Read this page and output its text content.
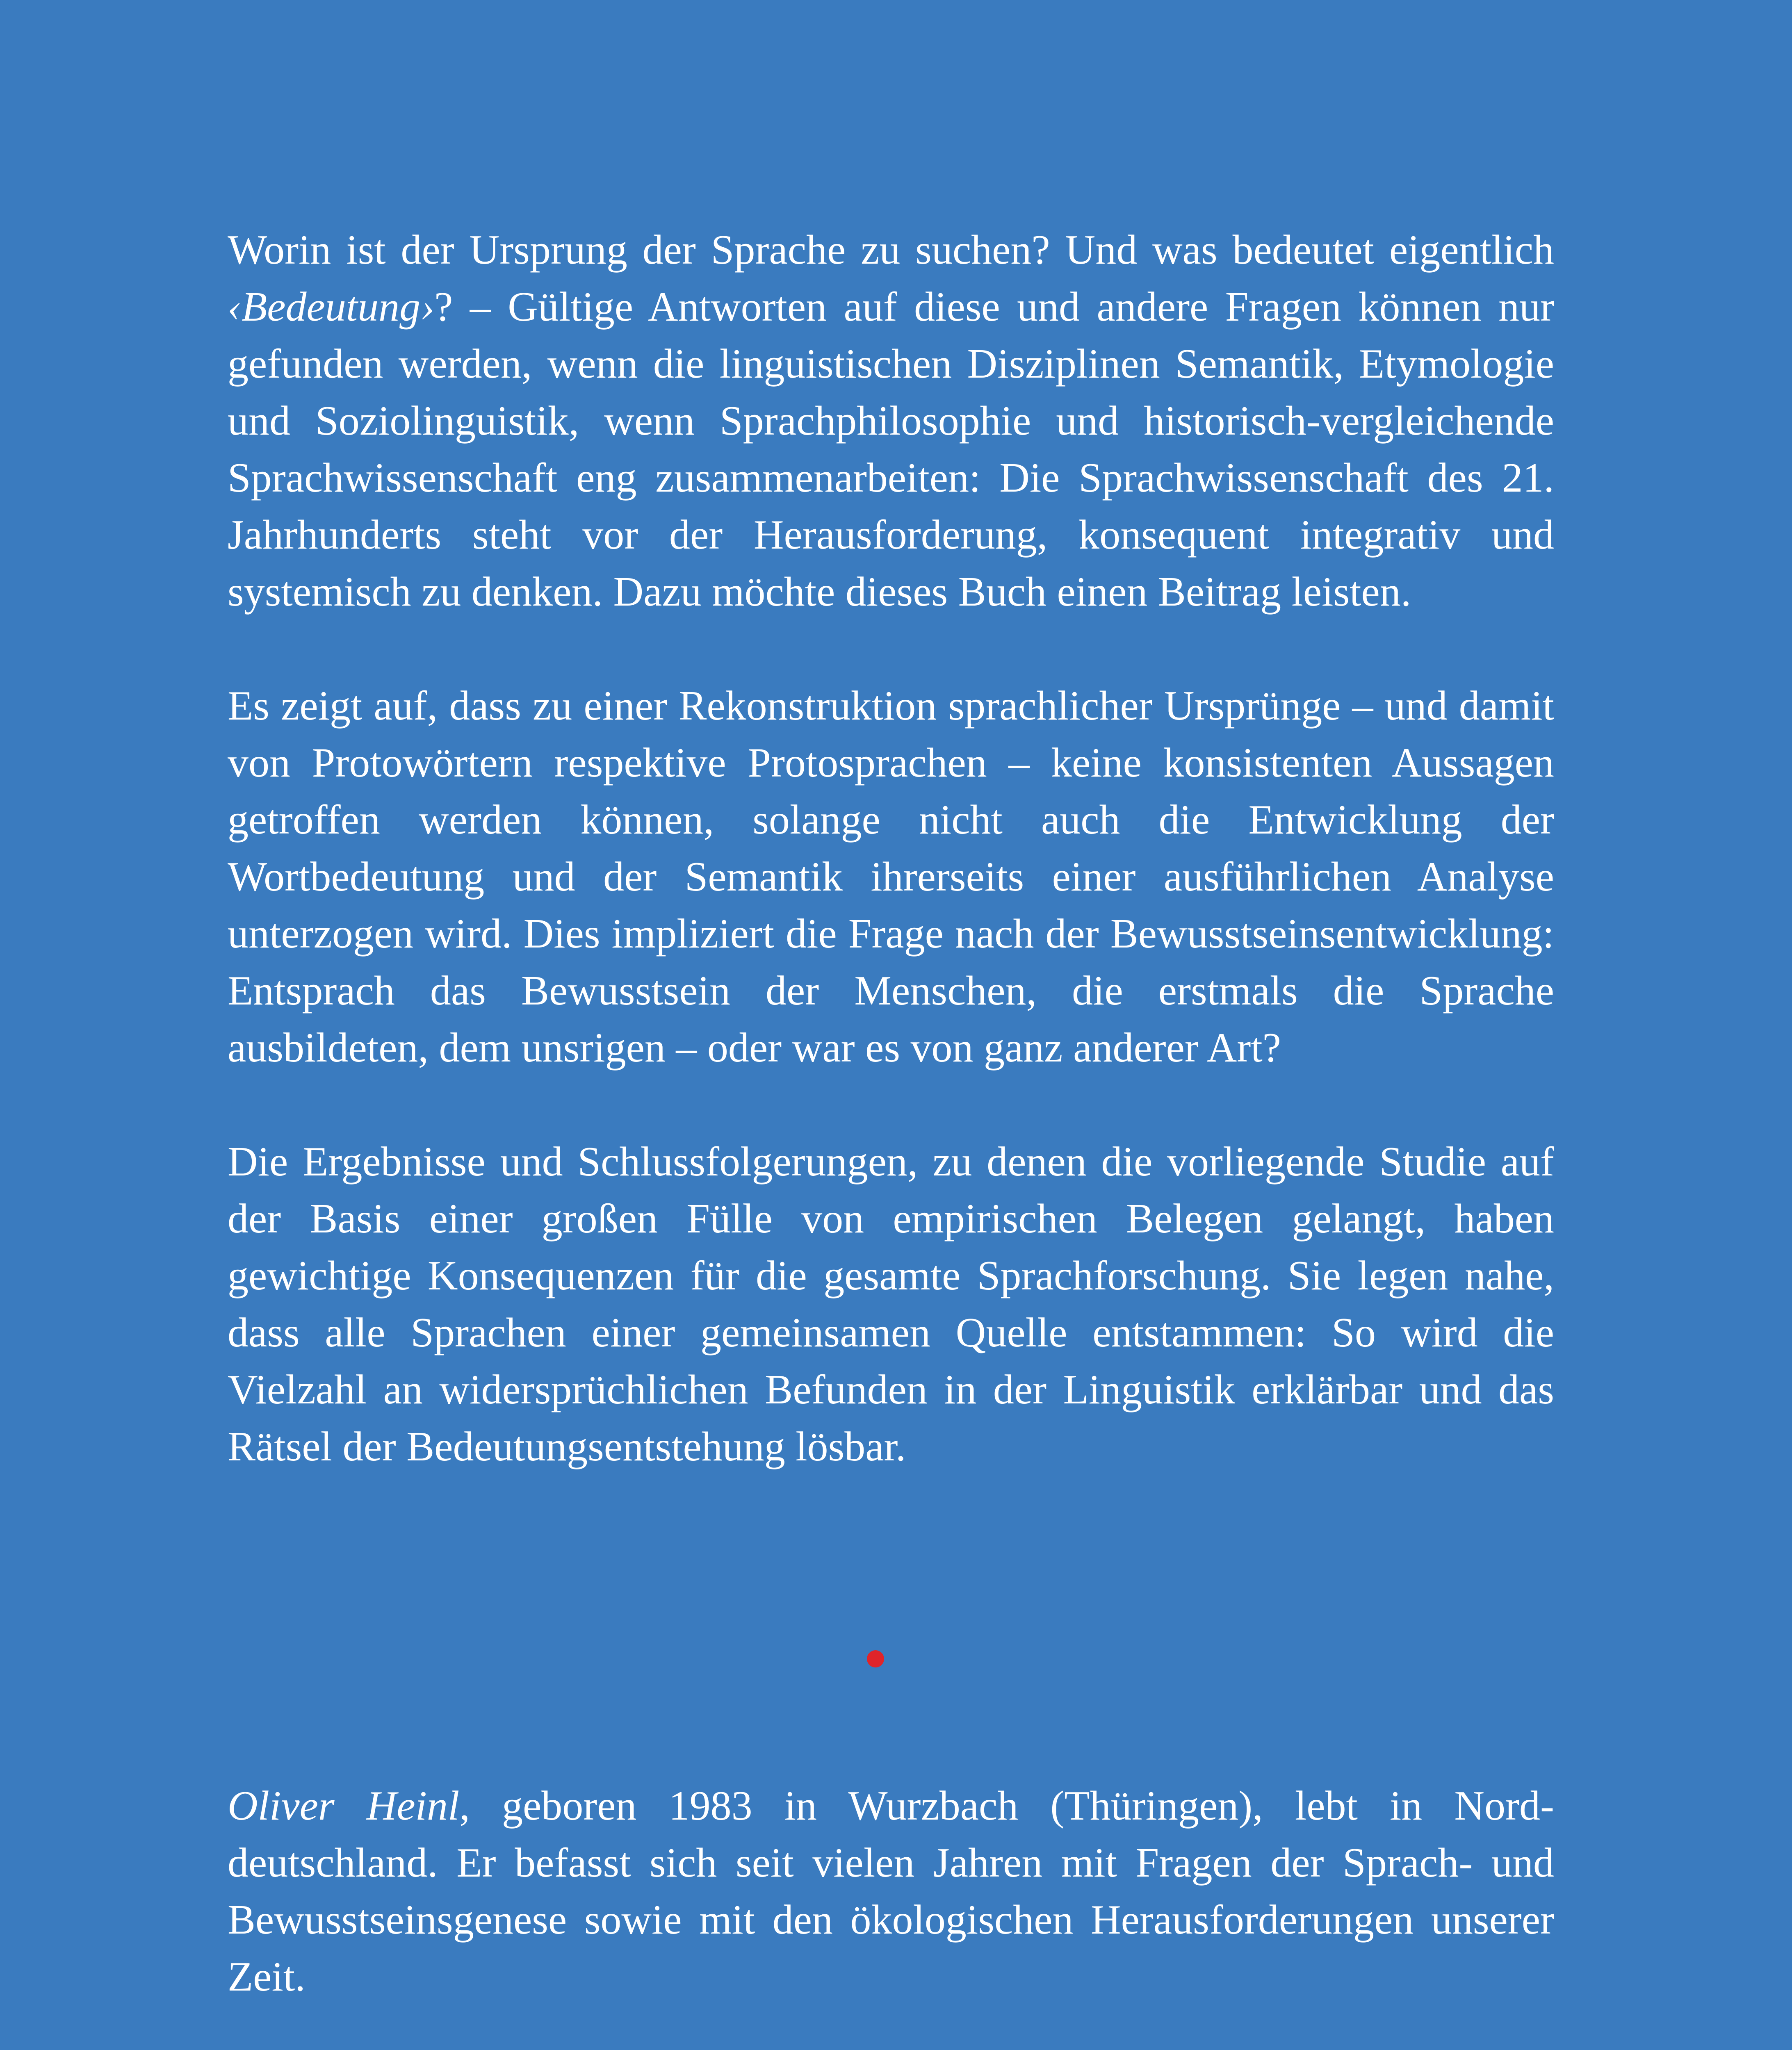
Worin ist der Ursprung der Sprache zu suchen? Und was bedeutet eigentlich ‹Bedeutung›? – Gültige Antworten auf diese und andere Fragen können nur gefunden werden, wenn die linguistischen Disziplinen Semantik, Etymologie und Soziolinguistik, wenn Sprachphilosophie und historisch-vergleichende Sprachwissenschaft eng zusammenarbeiten: Die Sprachwissenschaft des 21. Jahrhunderts steht vor der Herausforderung, konsequent integrativ und systemisch zu denken. Dazu möchte dieses Buch einen Beitrag leisten.

Es zeigt auf, dass zu einer Rekonstruktion sprachlicher Ursprünge – und damit von Protowörtern respektive Protosprachen – keine konsistenten Aussagen getroffen werden können, solange nicht auch die Entwicklung der Wortbedeutung und der Semantik ihrerseits einer ausführlichen Analyse unterzogen wird. Dies impliziert die Frage nach der Bewusstseinsentwicklung: Entsprach das Bewusstsein der Menschen, die erstmals die Sprache ausbildeten, dem unsrigen – oder war es von ganz anderer Art?

Die Ergebnisse und Schlussfolgerungen, zu denen die vorliegende Studie auf der Basis einer großen Fülle von empirischen Belegen gelangt, haben gewichtige Konsequenzen für die gesamte Sprachforschung. Sie legen nahe, dass alle Sprachen einer gemeinsamen Quelle entstammen: So wird die Vielzahl an widersprüchlichen Befunden in der Linguistik erklärbar und das Rätsel der Bedeutungsentstehung lösbar.

Oliver Heinl, geboren 1983 in Wurzbach (Thüringen), lebt in Norddeutschland. Er befasst sich seit vielen Jahren mit Fragen der Sprach- und Bewusstseinsgenese sowie mit den ökologischen Herausforderungen unserer Zeit.
